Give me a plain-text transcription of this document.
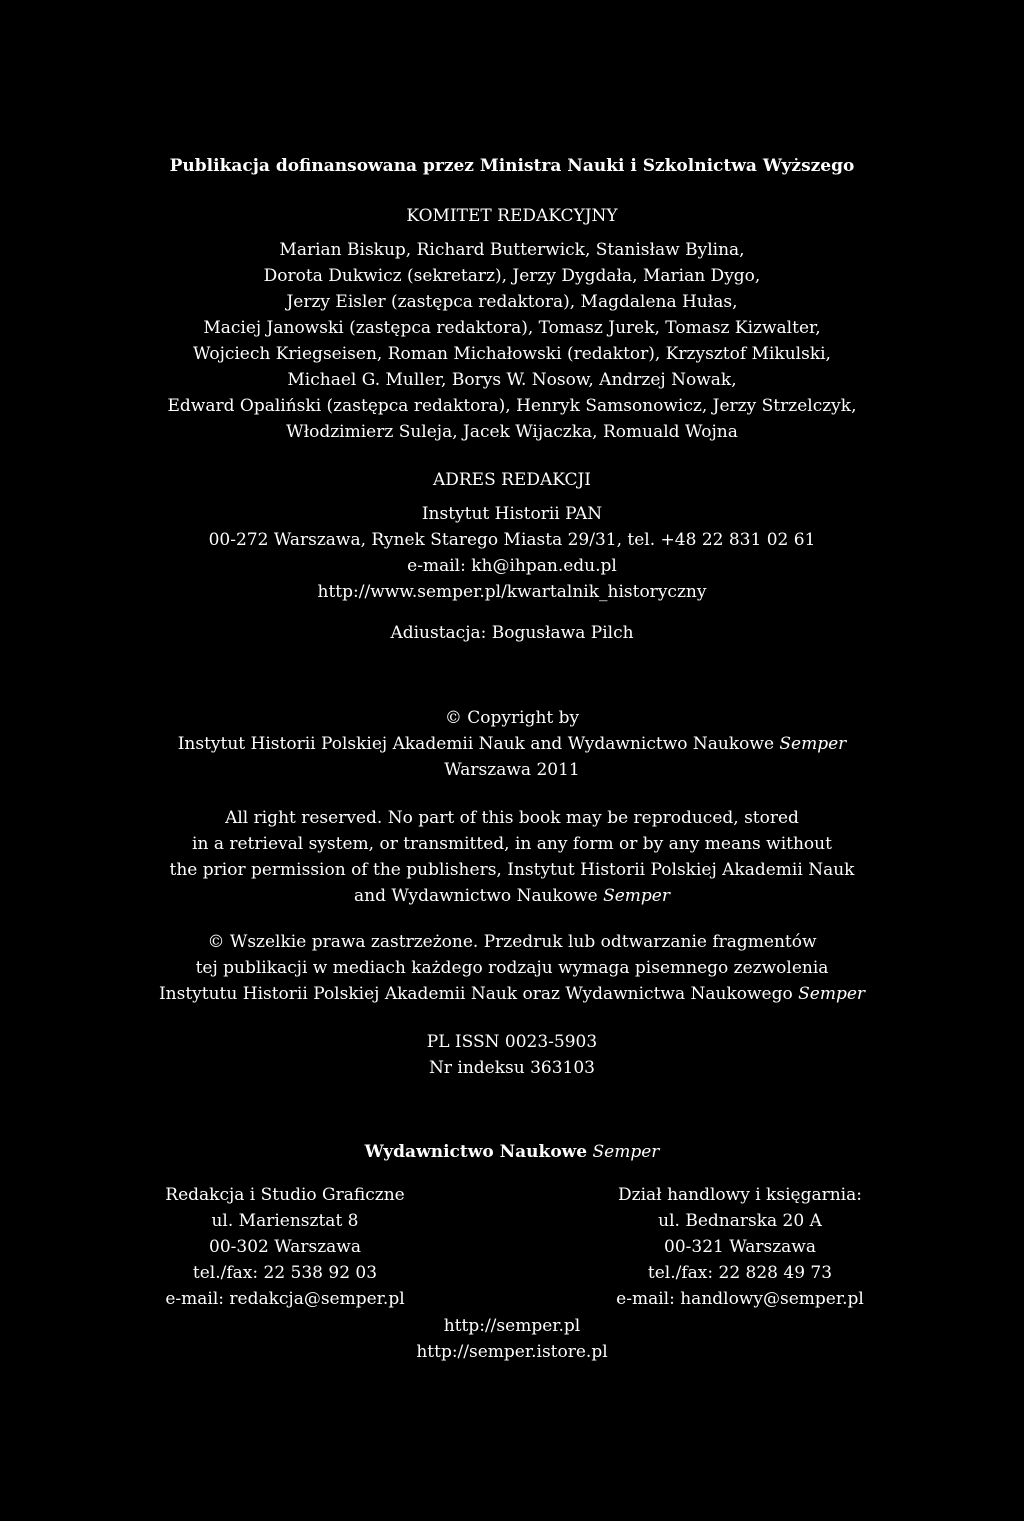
Publikacja dofinansowana przez Ministra Nauki i Szkolnictwa Wyższego
KOMITET REDAKCYJNY
Marian Biskup, Richard Butterwick, Stanisław Bylina,
Dorota Dukwicz (sekretarz), Jerzy Dygdała, Marian Dygo,
Jerzy Eisler (zastępca redaktora), Magdalena Hułas,
Maciej Janowski (zastępca redaktora), Tomasz Jurek, Tomasz Kizwalter,
Wojciech Kriegseisen, Roman Michałowski (redaktor), Krzysztof Mikulski,
Michael G. Muller, Borys W. Nosow, Andrzej Nowak,
Edward Opaliński (zastępca redaktora), Henryk Samsonowicz, Jerzy Strzelczyk,
Włodzimierz Suleja, Jacek Wijaczka, Romuald Wojna
ADRES REDAKCJI
Instytut Historii PAN
00-272 Warszawa, Rynek Starego Miasta 29/31, tel. +48 22 831 02 61
e-mail: kh@ihpan.edu.pl
http://www.semper.pl/kwartalnik_historyczny
Adiustacja: Bogusława Pilch
© Copyright by
Instytut Historii Polskiej Akademii Nauk and Wydawnictwo Naukowe Semper
Warszawa 2011
All right reserved. No part of this book may be reproduced, stored
in a retrieval system, or transmitted, in any form or by any means without
the prior permission of the publishers, Instytut Historii Polskiej Akademii Nauk
and Wydawnictwo Naukowe Semper
© Wszelkie prawa zastrzeżone. Przedruk lub odtwarzanie fragmentów
tej publikacji w mediach każdego rodzaju wymaga pisemnego zezwolenia
Instytutu Historii Polskiej Akademii Nauk oraz Wydawnictwa Naukowego Semper
PL ISSN 0023-5903
Nr indeksu 363103
Wydawnictwo Naukowe Semper
Redakcja i Studio Graficzne
ul. Mariensztat 8
00-302 Warszawa
tel./fax: 22 538 92 03
e-mail: redakcja@semper.pl
Dział handlowy i księgarnia:
ul. Bednarska 20 A
00-321 Warszawa
tel./fax: 22 828 49 73
e-mail: handlowy@semper.pl
http://semper.pl
http://semper.istore.pl
